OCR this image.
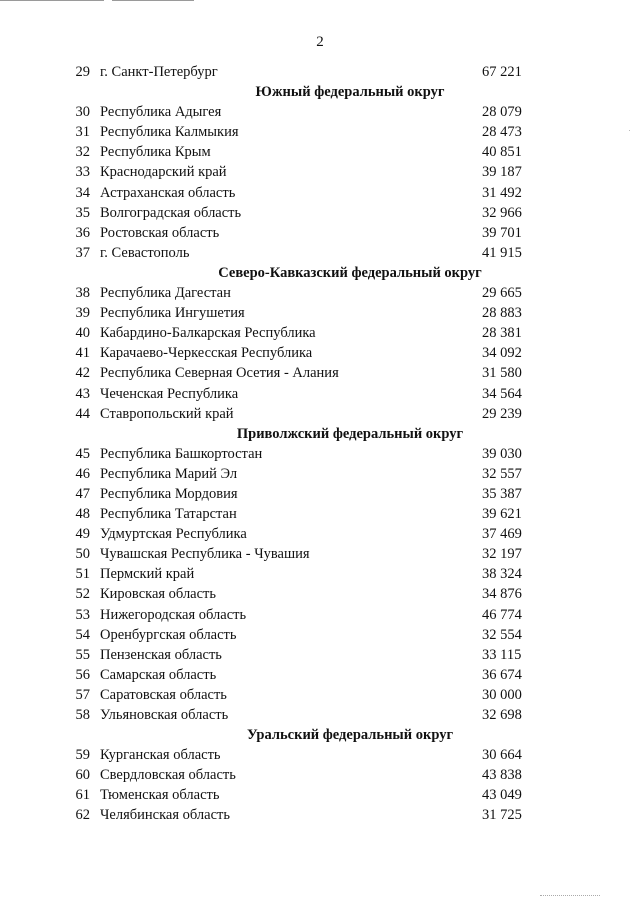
2
29 г. Санкт-Петербург	67 221
Южный федеральный округ
30 Республика Адыгея	28 079
31 Республика Калмыкия	28 473
32 Республика Крым	40 851
33 Краснодарский край	39 187
34 Астраханская область	31 492
35 Волгоградская область	32 966
36 Ростовская область	39 701
37 г. Севастополь	41 915
Северо-Кавказский федеральный округ
38 Республика Дагестан	29 665
39 Республика Ингушетия	28 883
40 Кабардино-Балкарская Республика	28 381
41 Карачаево-Черкесская Республика	34 092
42 Республика Северная Осетия - Алания	31 580
43 Чеченская Республика	34 564
44 Ставропольский край	29 239
Приволжский федеральный округ
45 Республика Башкортостан	39 030
46 Республика Марий Эл	32 557
47 Республика Мордовия	35 387
48 Республика Татарстан	39 621
49 Удмуртская Республика	37 469
50 Чувашская Республика - Чувашия	32 197
51 Пермский край	38 324
52 Кировская область	34 876
53 Нижегородская область	46 774
54 Оренбургская область	32 554
55 Пензенская область	33 115
56 Самарская область	36 674
57 Саратовская область	30 000
58 Ульяновская область	32 698
Уральский федеральный округ
59 Курганская область	30 664
60 Свердловская область	43 838
61 Тюменская область	43 049
62 Челябинская область	31 725
